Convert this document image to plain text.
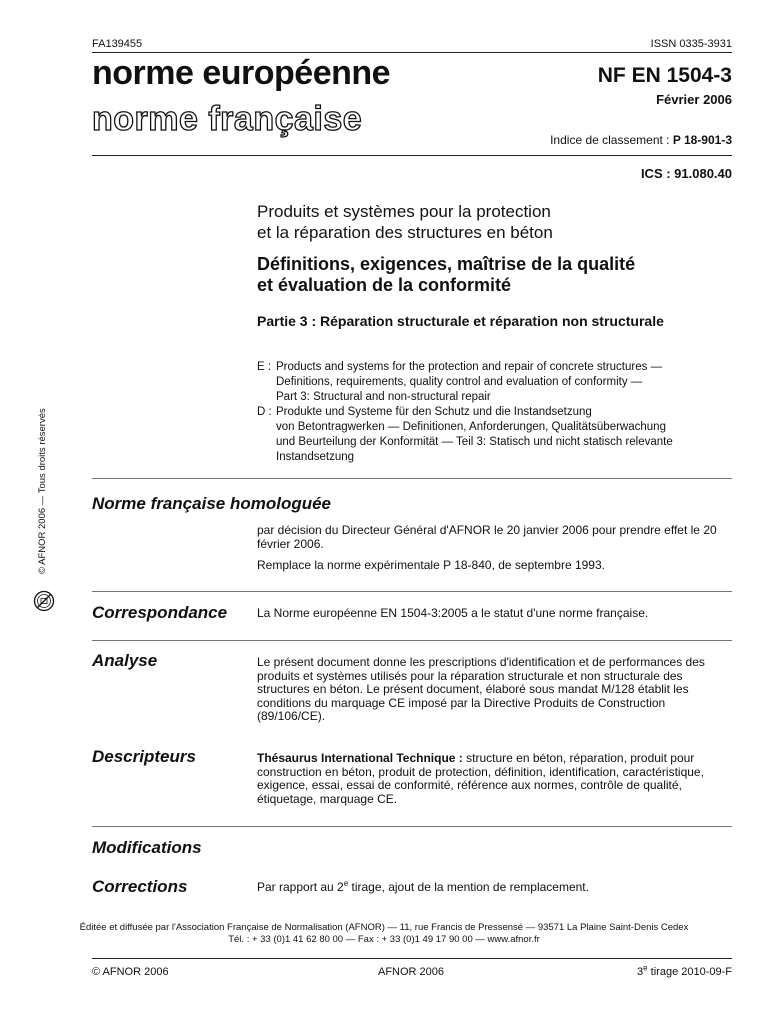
FA139455	ISSN 0335-3931
norme européenne
norme française
NF EN 1504-3
Février 2006
Indice de classement : P 18-901-3
ICS : 91.080.40
Produits et systèmes pour la protection
et la réparation des structures en béton
Définitions, exigences, maîtrise de la qualité
et évaluation de la conformité
Partie 3 : Réparation structurale et réparation non structurale
E : Products and systems for the protection and repair of concrete structures —
Definitions, requirements, quality control and evaluation of conformity —
Part 3: Structural and non-structural repair
D : Produkte und Systeme für den Schutz und die Instandsetzung
von Betontragwerken — Definitionen, Anforderungen, Qualitätsüberwachung
und Beurteilung der Konformität — Teil 3: Statisch und nicht statisch relevante
Instandsetzung
Norme française homologuée
par décision du Directeur Général d'AFNOR le 20 janvier 2006 pour prendre effet le 20 février 2006.
Remplace la norme expérimentale P 18-840, de septembre 1993.
Correspondance La Norme européenne EN 1504-3:2005 a le statut d'une norme française.
Analyse	Le présent document donne les prescriptions d'identification et de performances des produits et systèmes utilisés pour la réparation structurale et non structurale des structures en béton. Le présent document, élaboré sous mandat M/128 établit les conditions du marquage CE imposé par la Directive Produits de Construction (89/106/CE).
Descripteurs	Thésaurus International Technique : structure en béton, réparation, produit pour construction en béton, produit de protection, définition, identification, caractéristique, exigence, essai, essai de conformité, référence aux normes, contrôle de qualité, étiquetage, marquage CE.
Modifications
Corrections	Par rapport au 2e tirage, ajout de la mention de remplacement.
© AFNOR 2006 — Tous droits réservés
Éditée et diffusée par l'Association Française de Normalisation (AFNOR) — 11, rue Francis de Pressensé — 93571 La Plaine Saint-Denis Cedex
Tél. : + 33 (0)1 41 62 80 00 — Fax : + 33 (0)1 49 17 90 00 — www.afnor.fr
© AFNOR 2006	AFNOR 2006	3e tirage 2010-09-F
